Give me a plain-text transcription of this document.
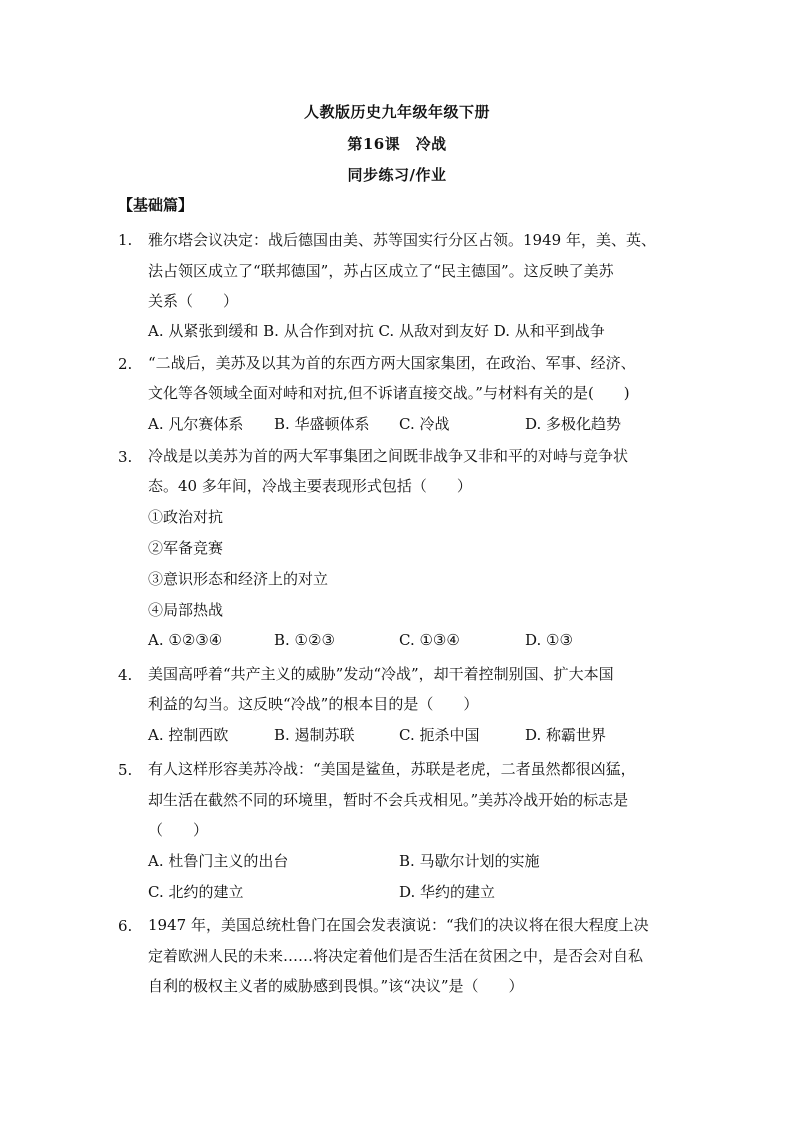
人教版历史九年级年级下册
第16课　冷战
同步练习/作业
【基础篇】
1. 雅尔塔会议决定：战后德国由美、苏等国实行分区占领。1949 年，美、英、
法占领区成立了“联邦德国”，苏占区成立了“民主德国”。这反映了美苏
关系（　　）
A. 从紧张到缓和 B. 从合作到对抗 C. 从敌对到友好 D. 从和平到战争
2. “二战后，美苏及以其为首的东西方两大国家集团，在政治、军事、经济、
文化等各领域全面对峙和对抗,但不诉诸直接交战。”与材料有关的是(　　)
A. 凡尔赛体系 B. 华盛顿体系 C. 冷战	D. 多极化趋势
3. 冷战是以美苏为首的两大军事集团之间既非战争又非和平的对峙与竞争状
态。40 多年间，冷战主要表现形式包括（　　）
①政治对抗
②军备竞赛
③意识形态和经济上的对立
④局部热战
A. ①②③④	B. ①②③	C. ①③④	D. ①③
4. 美国高呼着“共产主义的威胁”发动“冷战”，却干着控制别国、扩大本国
利益的勾当。这反映“冷战”的根本目的是（　　）
A. 控制西欧	B. 遏制苏联	C. 扼杀中国	D. 称霸世界
5. 有人这样形容美苏冷战：“美国是鲨鱼，苏联是老虎，二者虽然都很凶猛，
却生活在截然不同的环境里，暂时不会兵戎相见。”美苏冷战开始的标志是
（　　）
A. 杜鲁门主义的出台	B. 马歇尔计划的实施
C. 北约的建立	D. 华约的建立
6. 1947 年，美国总统杜鲁门在国会发表演说：“我们的决议将在很大程度上决
定着欧洲人民的未来……将决定着他们是否生活在贫困之中，是否会对自私
自利的极权主义者的威胁感到畏惧。”该“决议”是（　　）
